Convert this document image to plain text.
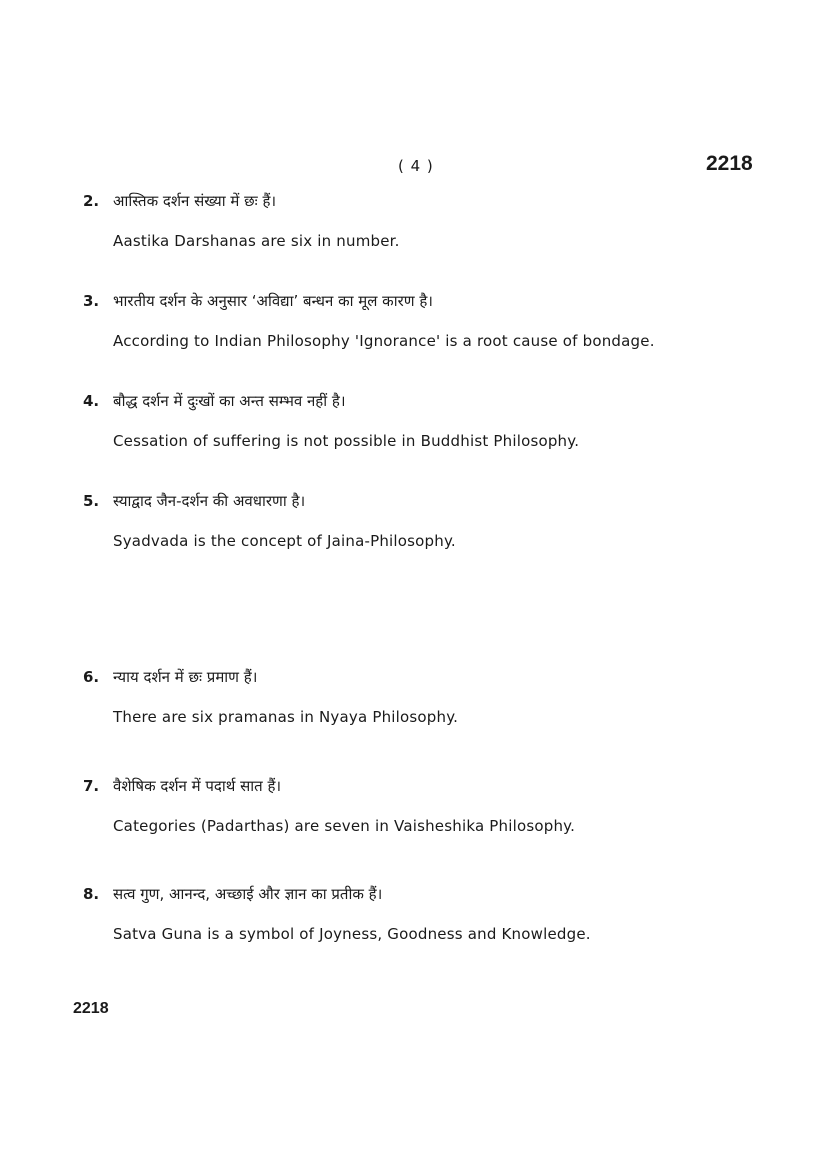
( 4 )	2218
2. आस्तिक दर्शन संख्या में छः हैं।
Aastika Darshanas are six in number.
3. भारतीय दर्शन के अनुसार ‘अविद्या’ बन्धन का मूल कारण है।
According to Indian Philosophy 'Ignorance' is a root cause of bondage.
4. बौद्ध दर्शन में दुःखों का अन्त सम्भव नहीं है।
Cessation of suffering is not possible in Buddhist Philosophy.
5. स्याद्वाद जैन-दर्शन की अवधारणा है।
Syadvada is the concept of Jaina-Philosophy.
6. न्याय दर्शन में छः प्रमाण हैं।
There are six pramanas in Nyaya Philosophy.
7. वैशेषिक दर्शन में पदार्थ सात हैं।
Categories (Padarthas) are seven in Vaisheshika Philosophy.
8. सत्व गुण, आनन्द, अच्छाई और ज्ञान का प्रतीक हैं।
Satva Guna is a symbol of Joyness, Goodness and Knowledge.
2218
